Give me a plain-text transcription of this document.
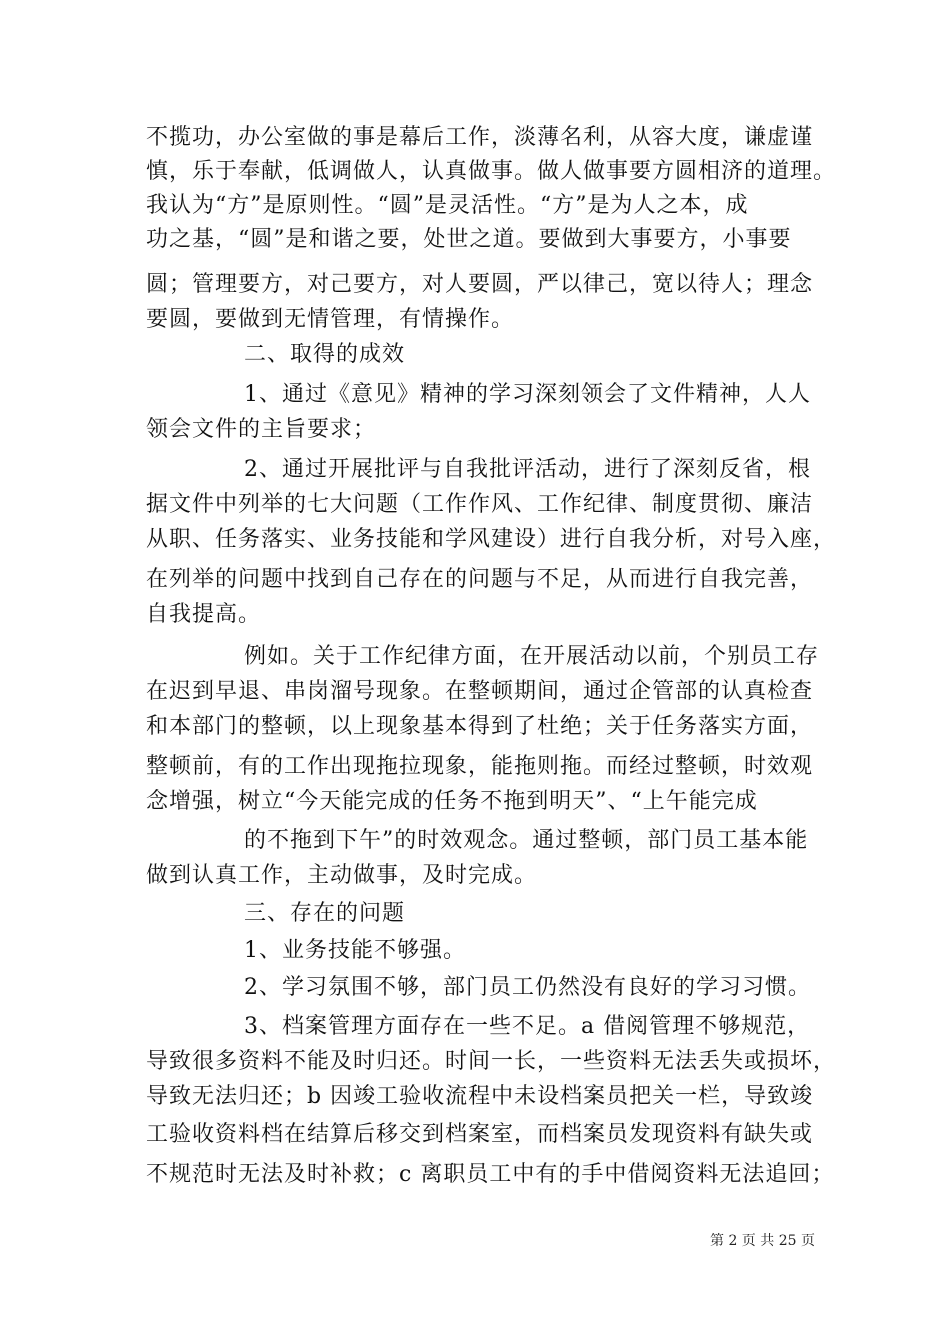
不揽功，办公室做的事是幕后工作，淡薄名利，从容大度，谦虚谨
慎，乐于奉献，低调做人，认真做事。做人做事要方圆相济的道理。
我认为“方”是原则性。“圆”是灵活性。“方”是为人之本，成
功之基，“圆”是和谐之要，处世之道。要做到大事要方，小事要
圆；管理要方，对己要方，对人要圆，严以律己，宽以待人；理念
要圆，要做到无情管理，有情操作。
二、取得的成效
1、通过《意见》精神的学习深刻领会了文件精神，人人
领会文件的主旨要求；
2、通过开展批评与自我批评活动，进行了深刻反省，根
据文件中列举的七大问题（工作作风、工作纪律、制度贯彻、廉洁
从职、任务落实、业务技能和学风建设）进行自我分析，对号入座，
在列举的问题中找到自己存在的问题与不足，从而进行自我完善，
自我提高。
例如。关于工作纪律方面，在开展活动以前，个别员工存
在迟到早退、串岗溜号现象。在整顿期间，通过企管部的认真检查
和本部门的整顿，以上现象基本得到了杜绝；关于任务落实方面，
整顿前，有的工作出现拖拉现象，能拖则拖。而经过整顿，时效观
念增强，树立“今天能完成的任务不拖到明天”、“上午能完成
的不拖到下午”的时效观念。通过整顿，部门员工基本能
做到认真工作，主动做事，及时完成。
三、存在的问题
1、业务技能不够强。
2、学习氛围不够，部门员工仍然没有良好的学习习惯。
3、档案管理方面存在一些不足。a 借阅管理不够规范，
导致很多资料不能及时归还。时间一长，一些资料无法丢失或损坏，
导致无法归还；b 因竣工验收流程中未设档案员把关一栏，导致竣
工验收资料档在结算后移交到档案室，而档案员发现资料有缺失或
不规范时无法及时补救；c 离职员工中有的手中借阅资料无法追回；
第 2 页 共 25 页
